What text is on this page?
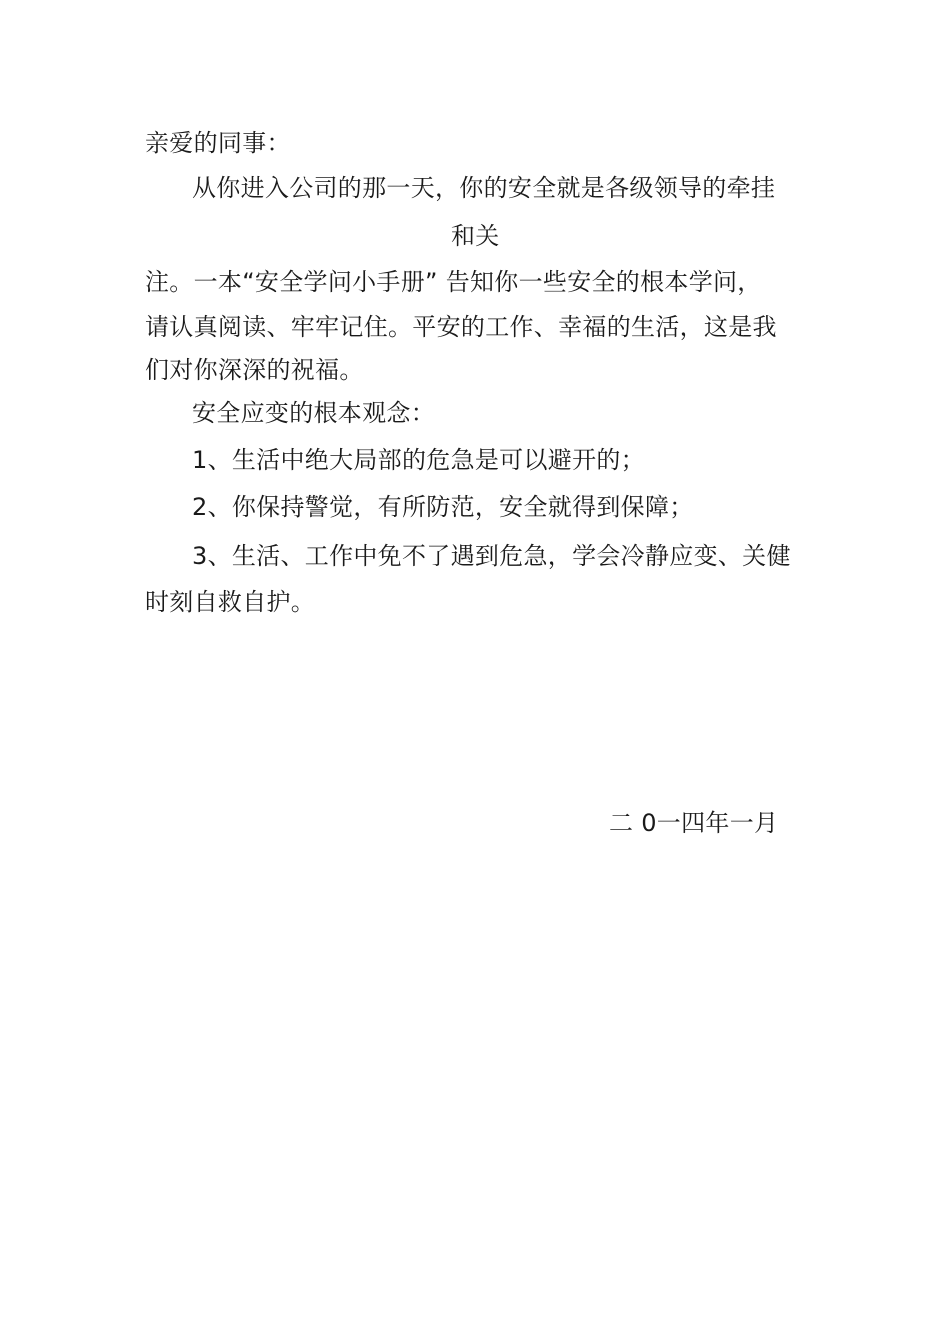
亲爱的同事：
从你进入公司的那一天，你的安全就是各级领导的牵挂
和关
注。一本“安全学问小手册” 告知你一些安全的根本学问，
请认真阅读、牢牢记住。平安的工作、幸福的生活，这是我
们对你深深的祝福。
安全应变的根本观念：
1、生活中绝大局部的危急是可以避开的；
2、你保持警觉，有所防范，安全就得到保障；
3、生活、工作中免不了遇到危急，学会冷静应变、关健
时刻自救自护。
二 0一四年一月
